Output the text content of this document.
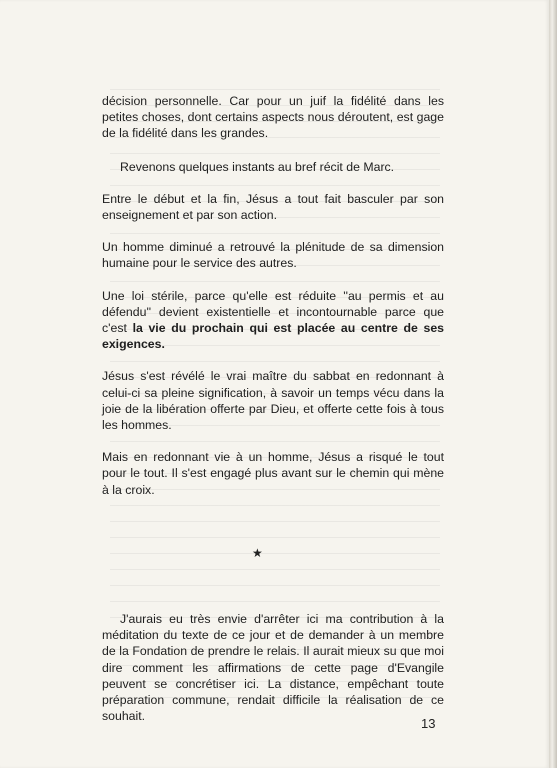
décision personnelle. Car pour un juif la fidélité dans les petites choses, dont certains aspects nous déroutent, est gage de la fidélité dans les grandes.

Revenons quelques instants au bref récit de Marc.

Entre le début et la fin, Jésus a tout fait basculer par son enseignement et par son action.

Un homme diminué a retrouvé la plénitude de sa dimension humaine pour le service des autres.

Une loi stérile, parce qu'elle est réduite ''au permis et au défendu'' devient existentielle et incontournable parce que c'est la vie du prochain qui est placée au centre de ses exigences.

Jésus s'est révélé le vrai maître du sabbat en redonnant à celui-ci sa pleine signification, à savoir un temps vécu dans la joie de la libération offerte par Dieu, et offerte cette fois à tous les hommes.

Mais en redonnant vie à un homme, Jésus a risqué le tout pour le tout. Il s'est engagé plus avant sur le chemin qui mène à la croix.

★

J'aurais eu très envie d'arrêter ici ma contribution à la méditation du texte de ce jour et de demander à un membre de la Fondation de prendre le relais. Il aurait mieux su que moi dire comment les affirmations de cette page d'Evangile peuvent se concrétiser ici. La distance, empêchant toute préparation commune, rendait difficile la réalisation de ce souhait.	13
